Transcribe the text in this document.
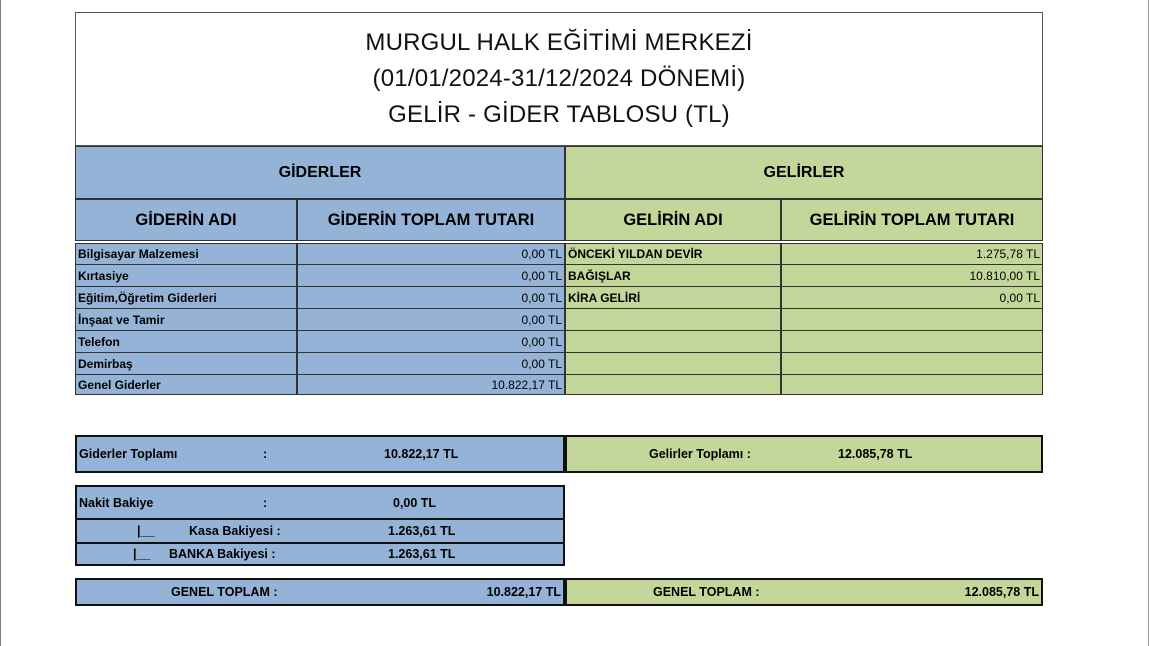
MURGUL HALK EĞİTİMİ MERKEZİ
(01/01/2024-31/12/2024 DÖNEMİ)
GELİR - GİDER TABLOSU (TL)
GİDERLER	GELİRLER
GİDERİN ADI	GİDERİN TOPLAM TUTARI	GELİRİN ADI	GELİRİN TOPLAM TUTARI
Bilgisayar Malzemesi	0,00 TL ÖNCEKİ YILDAN DEVİR	1.275,78 TL
Kırtasiye	0,00 TL BAĞIŞLAR	10.810,00 TL
Eğitim,Öğretim Giderleri	0,00 TL KİRA GELİRİ	0,00 TL
İnşaat ve Tamir	0,00 TL
Telefon	0,00 TL
Demirbaş	0,00 TL
Genel Giderler	10.822,17 TL
Giderler Toplamı	:	10.822,17 TL	Gelirler Toplamı :	12.085,78 TL
Nakit Bakiye	:	0,00 TL
|__	Kasa Bakiyesi :	1.263,61 TL
|__ BANKA Bakiyesi :	1.263,61 TL
GENEL TOPLAM :	10.822,17 TL	GENEL TOPLAM :	12.085,78 TL
